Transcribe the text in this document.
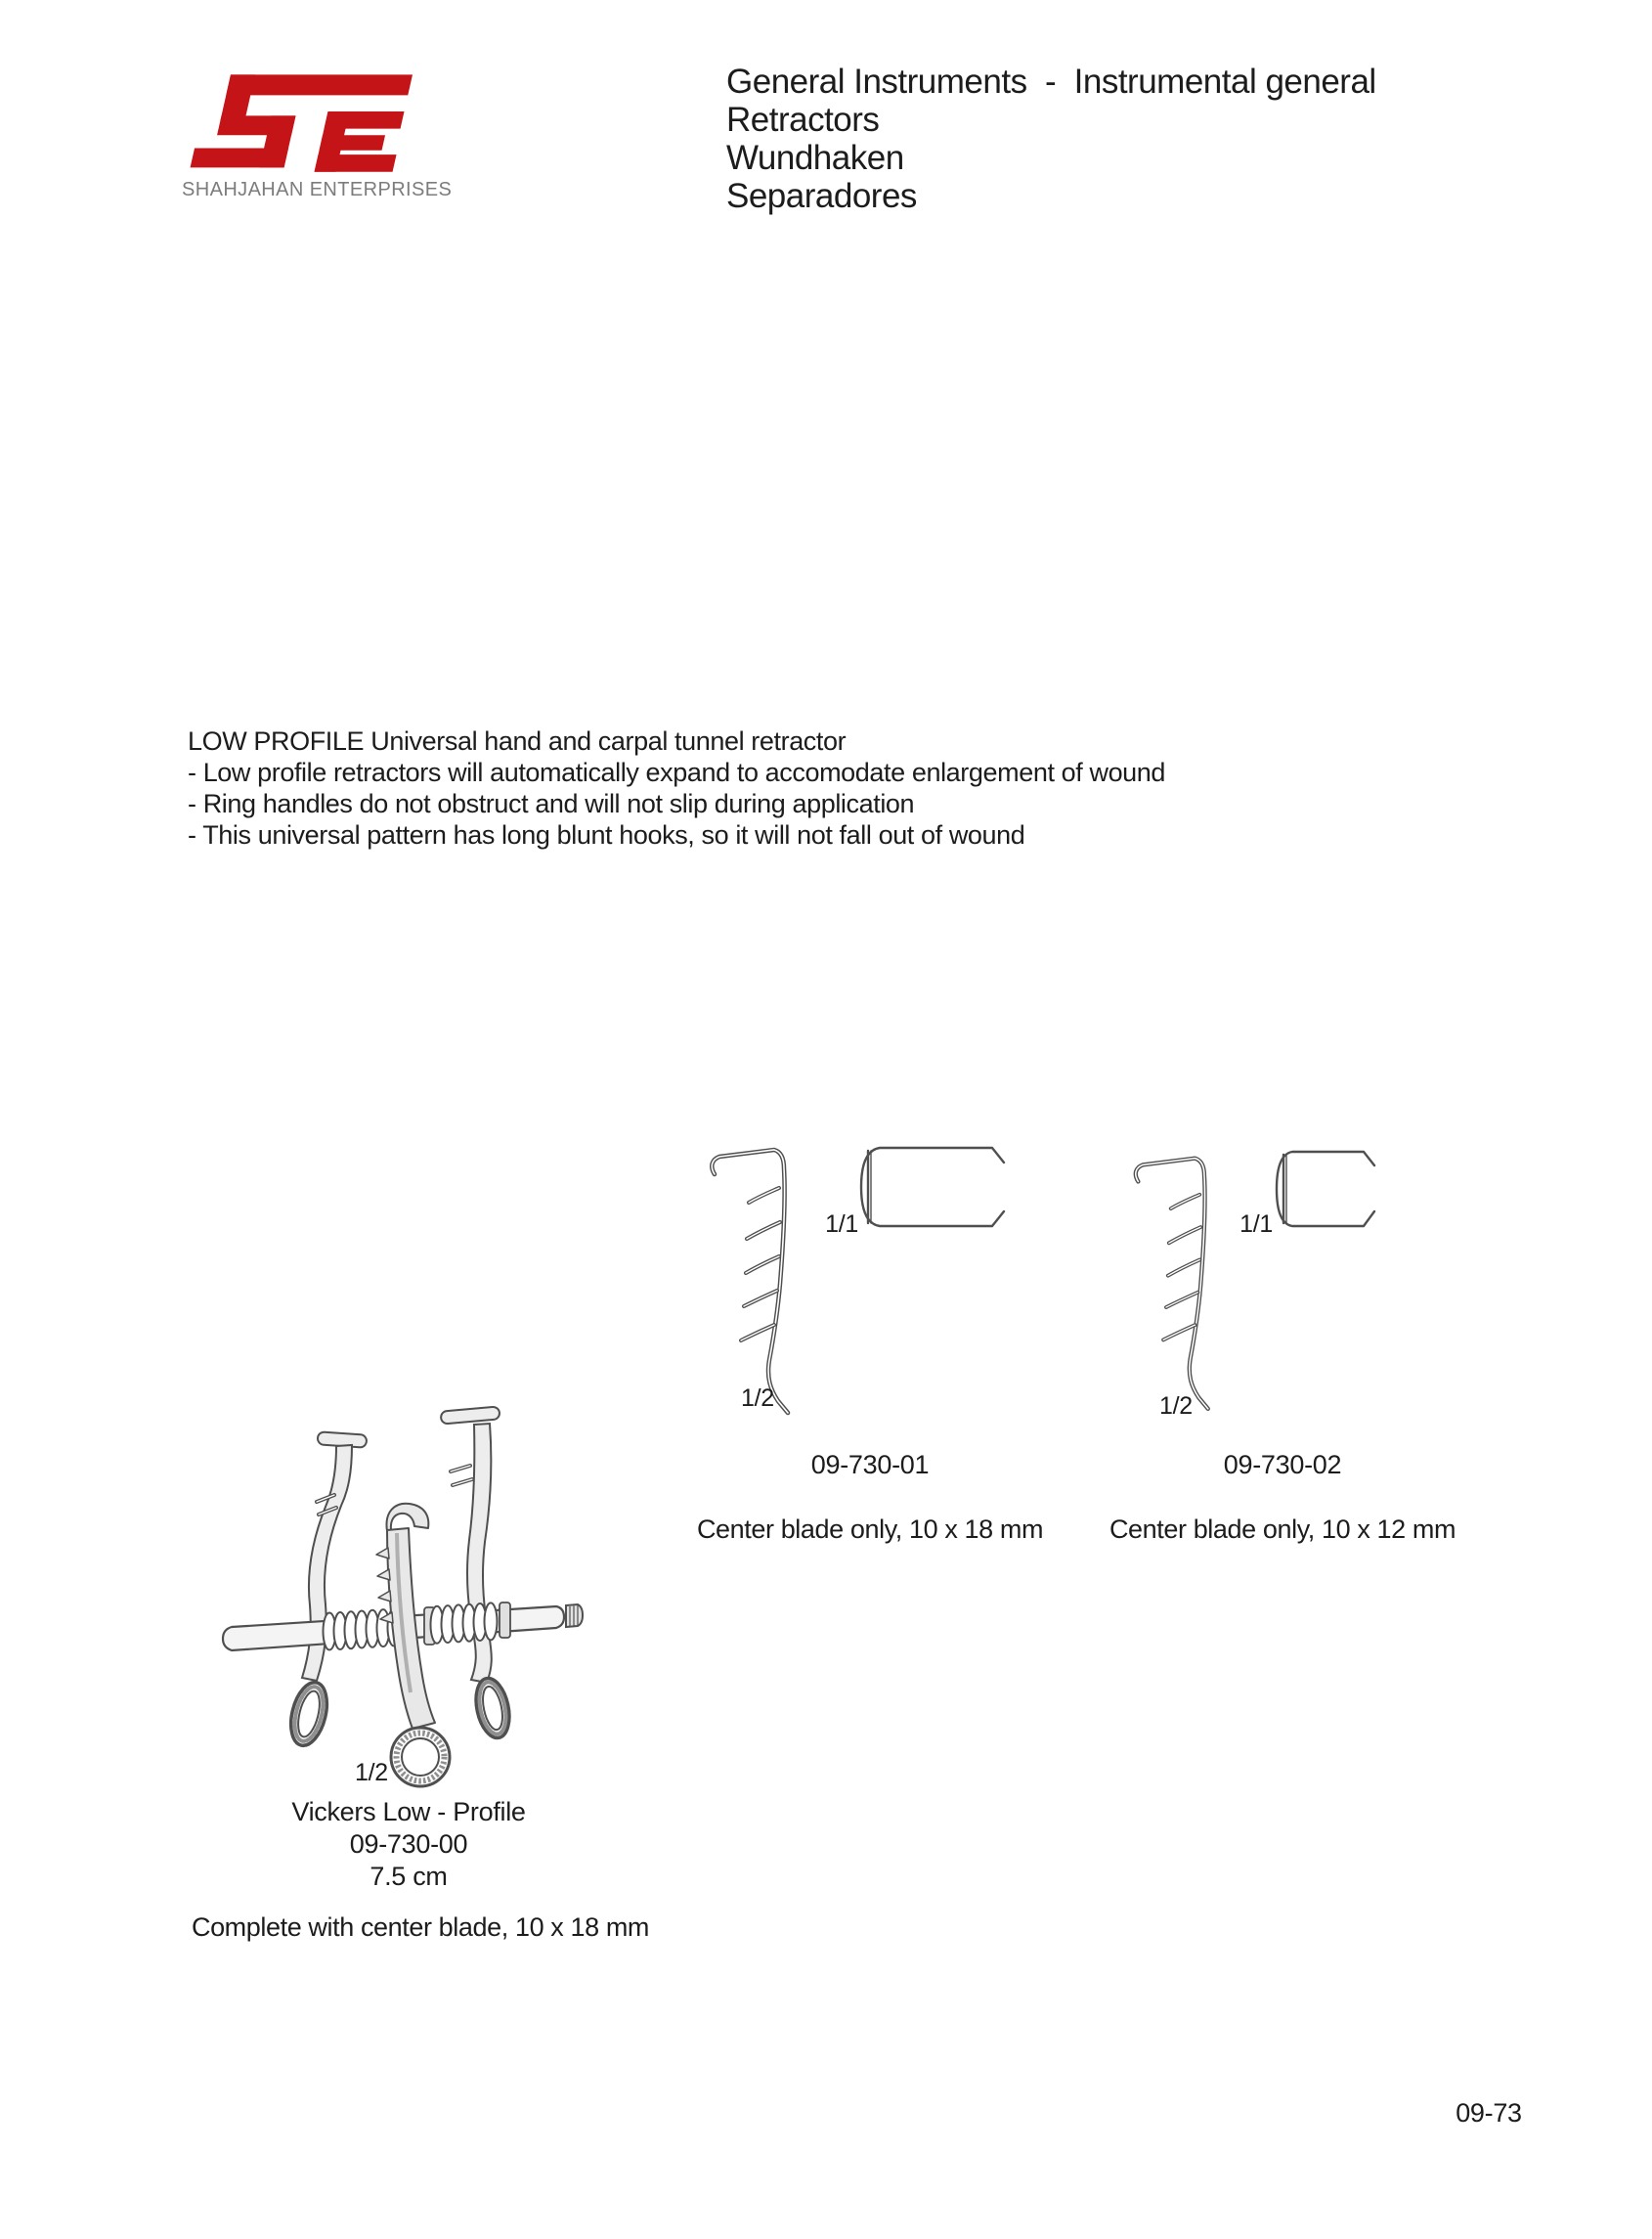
SHAHJAHAN ENTERPRISES
General Instruments  -  Instrumental general
Retractors
Wundhaken
Separadores
LOW PROFILE Universal hand and carpal tunnel retractor
- Low profile retractors will automatically expand to accomodate enlargement of wound
- Ring handles do not obstruct and will not slip during application
- This universal pattern has long blunt hooks, so it will not fall out of wound
1/1
1/2
09-730-01
Center blade only, 10 x 18 mm
1/1
1/2
09-730-02
Center blade only, 10 x 12 mm
1/2
Vickers Low - Profile
09-730-00
7.5 cm
Complete with center blade, 10 x 18 mm
09-73
